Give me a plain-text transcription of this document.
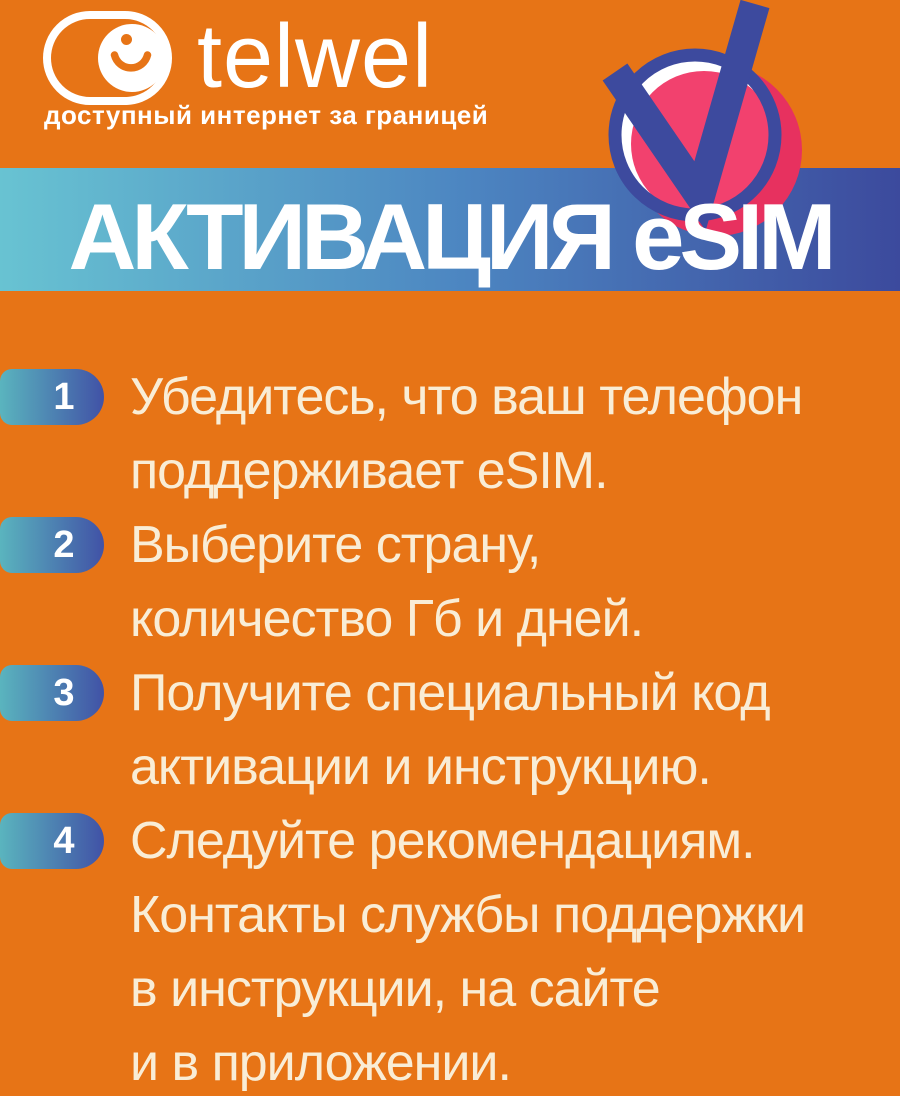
telwel
доступный интернет за границей
АКТИВАЦИЯ eSIM
1
2
3
4
Убедитесь, что ваш телефон
поддерживает eSIM.
Выберите страну,
количество Гб и дней.
Получите специальный код
активации и инструкцию.
Следуйте рекомендациям.
Контакты службы поддержки
в инструкции, на сайте
и в приложении.
